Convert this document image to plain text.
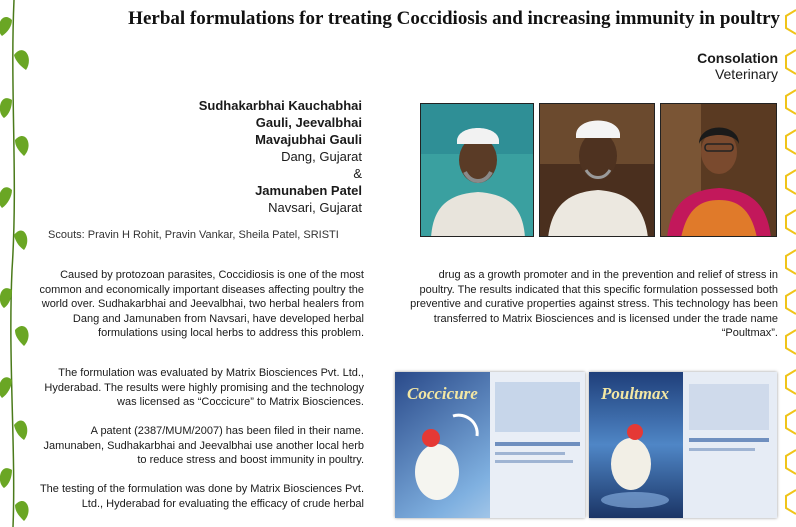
Herbal formulations for treating Coccidiosis and increasing immunity in poultry
Consolation
Veterinary
Sudhakarbhai Kauchabhai
Gauli, Jeevalbhai
Mavajubhai Gauli
Dang, Gujarat
&
Jamunaben Patel
Navsari, Gujarat
Scouts: Pravin H Rohit, Pravin Vankar, Sheila Patel, SRISTI

Caused by protozoan parasites, Coccidiosis is one of the most common and economically important diseases affecting poultry the world over. Sudhakarbhai and Jeevalbhai, two herbal healers from Dang and Jamunaben from Navsari, have developed herbal formulations using local herbs to address this problem.

The formulation was evaluated by Matrix Biosciences Pvt. Ltd., Hyderabad. The results were highly promising and the technology was licensed as “Coccicure” to Matrix Biosciences.

A patent (2387/MUM/2007) has been filed in their name. Jamunaben, Sudhakarbhai and Jeevalbhai use another local herb to reduce stress and boost immunity in poultry.

The testing of the formulation was done by Matrix Biosciences Pvt. Ltd., Hyderabad for evaluating the efficacy of crude herbal

drug as a growth promoter and in the prevention and relief of stress in poultry. The results indicated that this specific formulation possessed both preventive and curative properties against stress. This technology has been transferred to Matrix Biosciences and is licensed under the trade name “Poultmax”.

Coccicure	Poultmax
